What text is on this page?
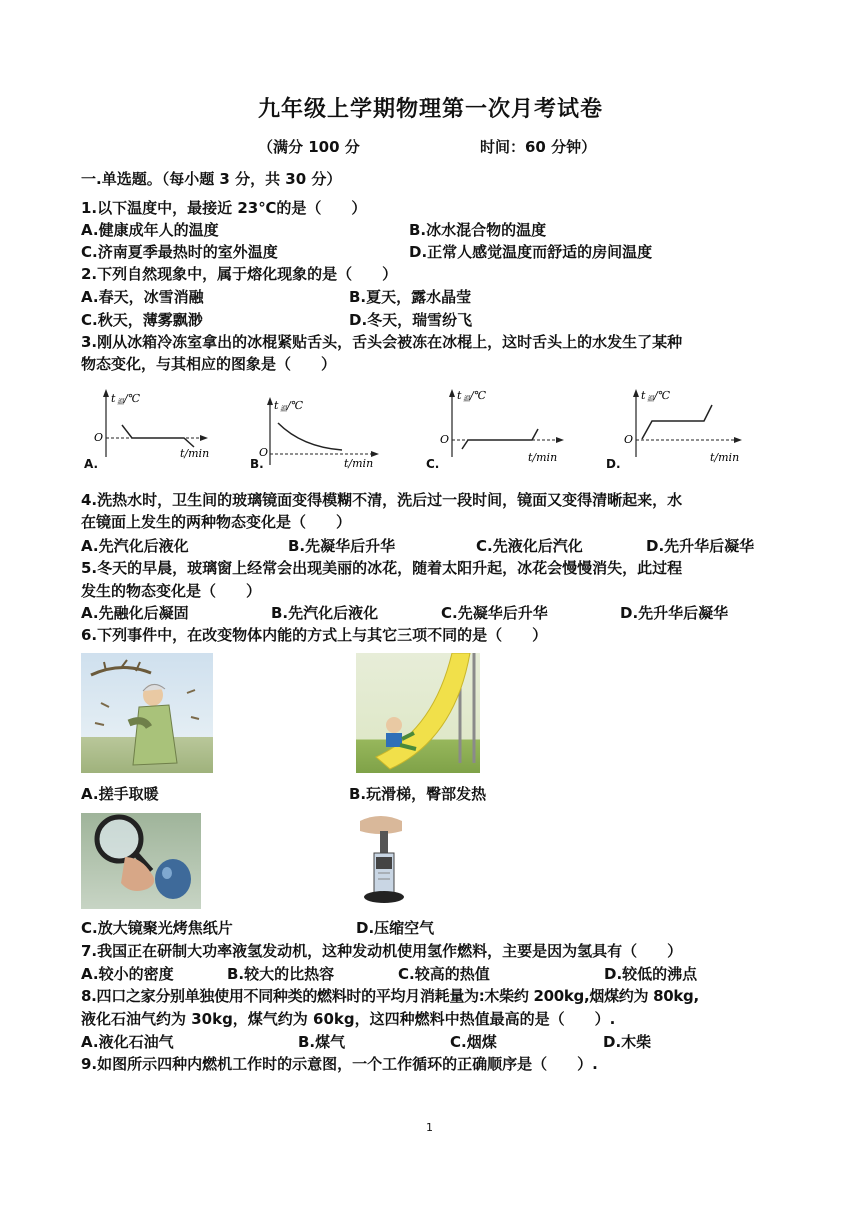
九年级上学期物理第一次月考试卷
（满分 100 分	时间：60 分钟）
一.单选题。（每小题 3 分，共 30 分）
1.以下温度中，最接近 23℃的是（　　）
A.健康成年人的温度	B.冰水混合物的温度
C.济南夏季最热时的室外温度	D.正常人感觉温度而舒适的房间温度
2.下列自然现象中，属于熔化现象的是（　　）
A.春天，冰雪消融	B.夏天，露水晶莹
C.秋天，薄雾飘渺	D.冬天，瑞雪纷飞
3.刚从冰箱冷冻室拿出的冰棍紧贴舌头，舌头会被冻在冰棍上，这时舌头上的水发生了某种
物态变化，与其相应的图象是（　　）
t 温 /℃
O
t/min
A.
t 温 /℃
O
t/min
B.
t 温 /℃
O
t/min
C.
t 温 /℃
O
t/min
D.
4.洗热水时，卫生间的玻璃镜面变得模糊不清，洗后过一段时间，镜面又变得清晰起来，水
在镜面上发生的两种物态变化是（　　）
A.先汽化后液化	B.先凝华后升华	C.先液化后汽化	D.先升华后凝华
5.冬天的早晨，玻璃窗上经常会出现美丽的冰花，随着太阳升起，冰花会慢慢消失，此过程
发生的物态变化是（　　）
A.先融化后凝固	B.先汽化后液化	C.先凝华后升华	D.先升华后凝华
6.下列事件中，在改变物体内能的方式上与其它三项不同的是（　　）
A.搓手取暖	B.玩滑梯，臀部发热
C.放大镜聚光烤焦纸片	D.压缩空气
7.我国正在研制大功率液氢发动机，这种发动机使用氢作燃料，主要是因为氢具有（　　）
A.较小的密度	B.较大的比热容	C.较高的热值	D.较低的沸点
8.四口之家分别单独使用不同种类的燃料时的平均月消耗量为:木柴约 200kg,烟煤约为 80kg,
液化石油气约为 30kg，煤气约为 60kg，这四种燃料中热值最高的是（　　）.
A.液化石油气	B.煤气	C.烟煤	D.木柴
9.如图所示四种内燃机工作时的示意图，一个工作循环的正确顺序是（　　）.
1
